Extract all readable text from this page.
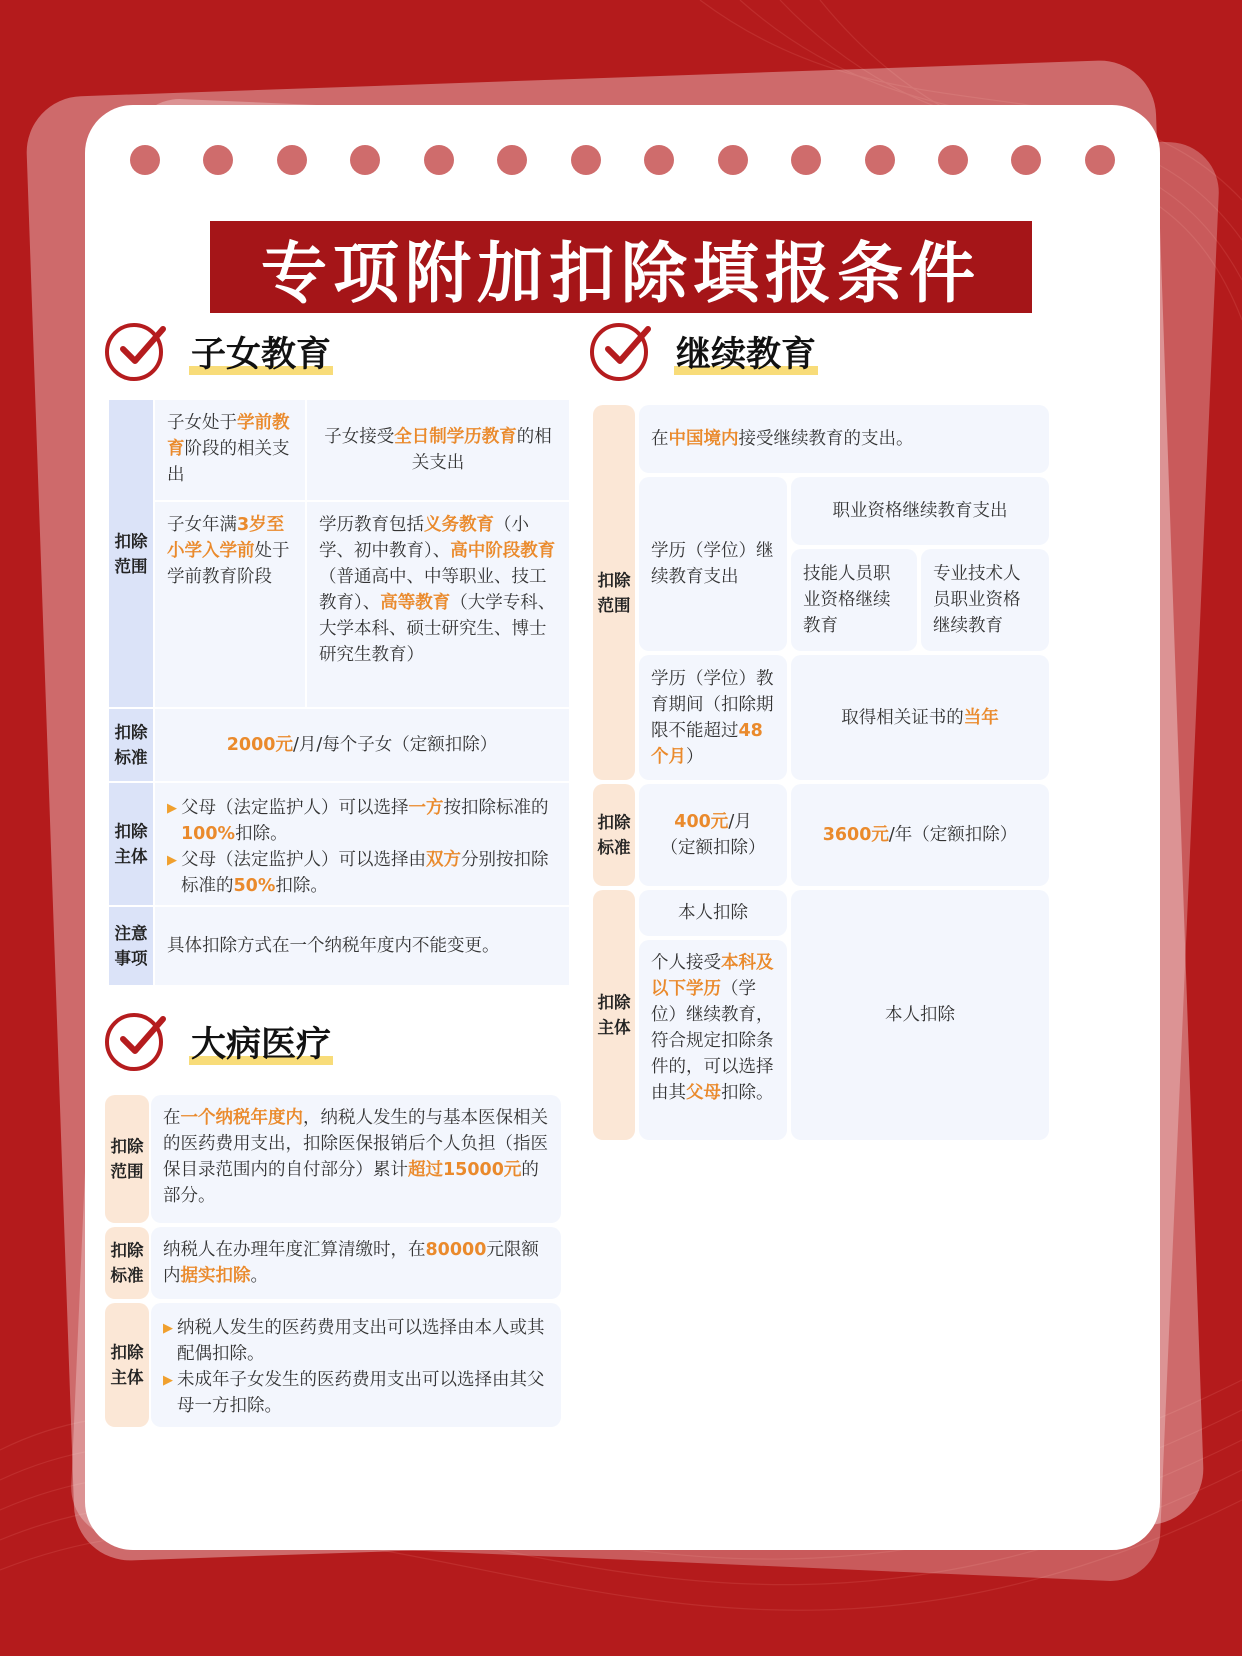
专项附加扣除填报条件
子女教育	继续教育
扣除范围
子女处于学前教育阶段的相关支出
子女接受全日制学历教育的相关支出
子女年满3岁至小学入学前处于学前教育阶段
学历教育包括义务教育（小学、初中教育）、高中阶段教育（普通高中、中等职业、技工教育）、高等教育（大学专科、大学本科、硕士研究生、博士研究生教育）
扣除标准
2000元/月/每个子女（定额扣除）
扣除主体
▶ 父母（法定监护人）可以选择一方按扣除标准的100%扣除。
▶ 父母（法定监护人）可以选择由双方分别按扣除标准的50%扣除。
注意事项
具体扣除方式在一个纳税年度内不能变更。
大病医疗
扣除范围
在一个纳税年度内，纳税人发生的与基本医保相关的医药费用支出，扣除医保报销后个人负担（指医保目录范围内的自付部分）累计超过15000元的部分。
扣除标准
纳税人在办理年度汇算清缴时，在80000元限额内据实扣除。
扣除主体
▶ 纳税人发生的医药费用支出可以选择由本人或其配偶扣除。
▶ 未成年子女发生的医药费用支出可以选择由其父母一方扣除。
扣除范围
在中国境内接受继续教育的支出。
学历（学位）继续教育支出
职业资格继续教育支出
技能人员职业资格继续教育
专业技术人员职业资格继续教育
学历（学位）教育期间（扣除期限不能超过48个月）
取得相关证书的当年
扣除标准
400元/月
（定额扣除）
3600元/年（定额扣除）
扣除主体
本人扣除
个人接受本科及以下学历（学位）继续教育，符合规定扣除条件的，可以选择由其父母扣除。
本人扣除
